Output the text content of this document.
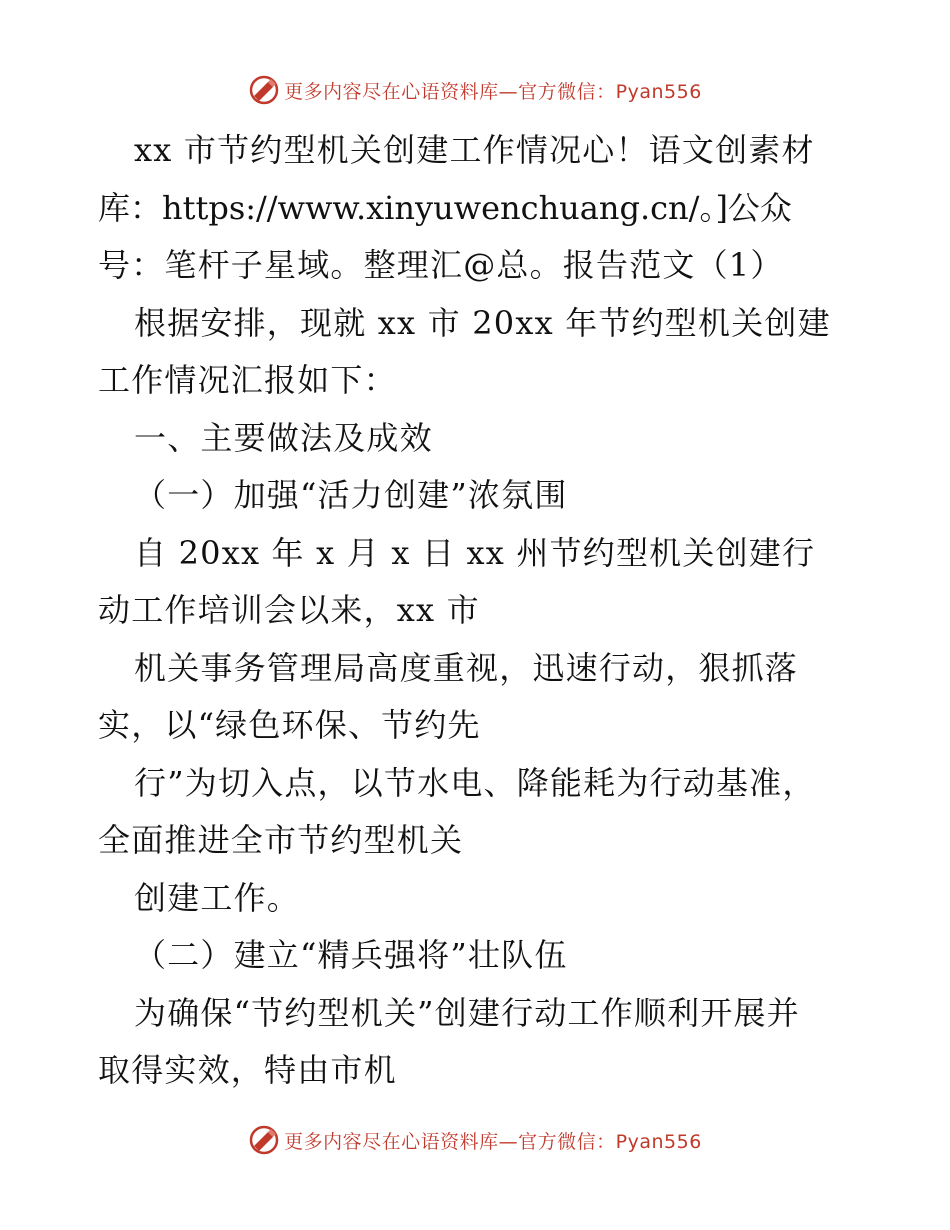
更多内容尽在心语资料库—官方微信：Pyan556
xx 市节约型机关创建工作情况心！语文创素材
库：https://www.xinyuwenchuang.cn/。]公众
号：笔杆子星域。整理汇@总。报告范文（1）
根据安排，现就 xx 市 20xx 年节约型机关创建
工作情况汇报如下：
一、主要做法及成效
（一）加强“活力创建”浓氛围
自 20xx 年 x 月 x 日 xx 州节约型机关创建行
动工作培训会以来，xx 市
机关事务管理局高度重视，迅速行动，狠抓落
实，以“绿色环保、节约先
行”为切入点，以节水电、降能耗为行动基准，
全面推进全市节约型机关
创建工作。
（二）建立“精兵强将”壮队伍
为确保“节约型机关”创建行动工作顺利开展并
取得实效，特由市机
更多内容尽在心语资料库—官方微信：Pyan556
